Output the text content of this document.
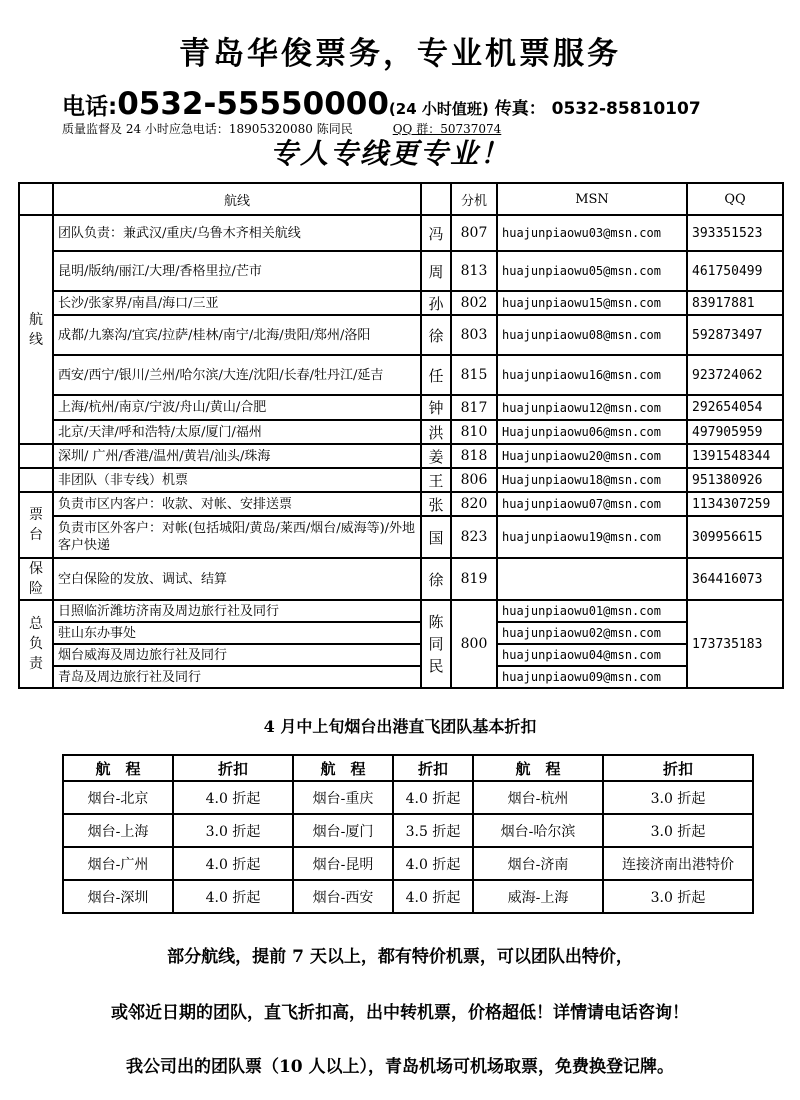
青岛华俊票务，专业机票服务
电话:0532-55550000(24 小时值班) 传真： 0532-85810107
质量监督及 24 小时应急电话：18905320080 陈同民	QQ 群：50737074
专人专线更专业！
	航线		分机	MSN	QQ
航线	团队负责：兼武汉/重庆/乌鲁木齐相关航线	冯	807	huajunpiaowu03@msn.com	393351523
	昆明/版纳/丽江/大理/香格里拉/芒市	周	813	huajunpiaowu05@msn.com	461750499
	长沙/张家界/南昌/海口/三亚	孙	802	huajunpiaowu15@msn.com	83917881
	成都/九寨沟/宜宾/拉萨/桂林/南宁/北海/贵阳/郑州/洛阳	徐	803	huajunpiaowu08@msn.com	592873497
	西安/西宁/银川/兰州/哈尔滨/大连/沈阳/长春/牡丹江/延吉	任	815	huajunpiaowu16@msn.com	923724062
	上海/杭州/南京/宁波/舟山/黄山/合肥	钟	817	huajunpiaowu12@msn.com	292654054
	北京/天津/呼和浩特/太原/厦门/福州	洪	810	Huajunpiaowu06@msn.com	497905959
	深圳/ 广州/香港/温州/黄岩/汕头/珠海	姜	818	Huajunpiaowu20@msn.com	1391548344
	非团队（非专线）机票	王	806	Huajunpiaowu18@msn.com	951380926
票台	负责市区内客户：收款、对帐、安排送票	张	820	huajunpiaowu07@msn.com	1134307259
	负责市区外客户：对帐(包括城阳/黄岛/莱西/烟台/威海等)/外地客户快递	国	823	huajunpiaowu19@msn.com	309956615
保险	空白保险的发放、调试、结算	徐	819		364416073
总负责	日照临沂潍坊济南及周边旅行社及同行	陈同民	800	huajunpiaowu01@msn.com	173735183
	驻山东办事处			huajunpiaowu02@msn.com	
	烟台威海及周边旅行社及同行			huajunpiaowu04@msn.com	
	青岛及周边旅行社及同行			huajunpiaowu09@msn.com	
4 月中上旬烟台出港直飞团队基本折扣
航　程	折扣	航　程	折扣	航　程	折扣
烟台-北京	4.0 折起	烟台-重庆	4.0 折起	烟台-杭州	3.0 折起
烟台-上海	3.0 折起	烟台-厦门	3.5 折起	烟台-哈尔滨	3.0 折起
烟台-广州	4.0 折起	烟台-昆明	4.0 折起	烟台-济南	连接济南出港特价
烟台-深圳	4.0 折起	烟台-西安	4.0 折起	威海-上海	3.0 折起
部分航线，提前 7 天以上，都有特价机票，可以团队出特价，
或邻近日期的团队，直飞折扣高，出中转机票，价格超低！详情请电话咨询！
我公司出的团队票（10 人以上），青岛机场可机场取票，免费换登记牌。
